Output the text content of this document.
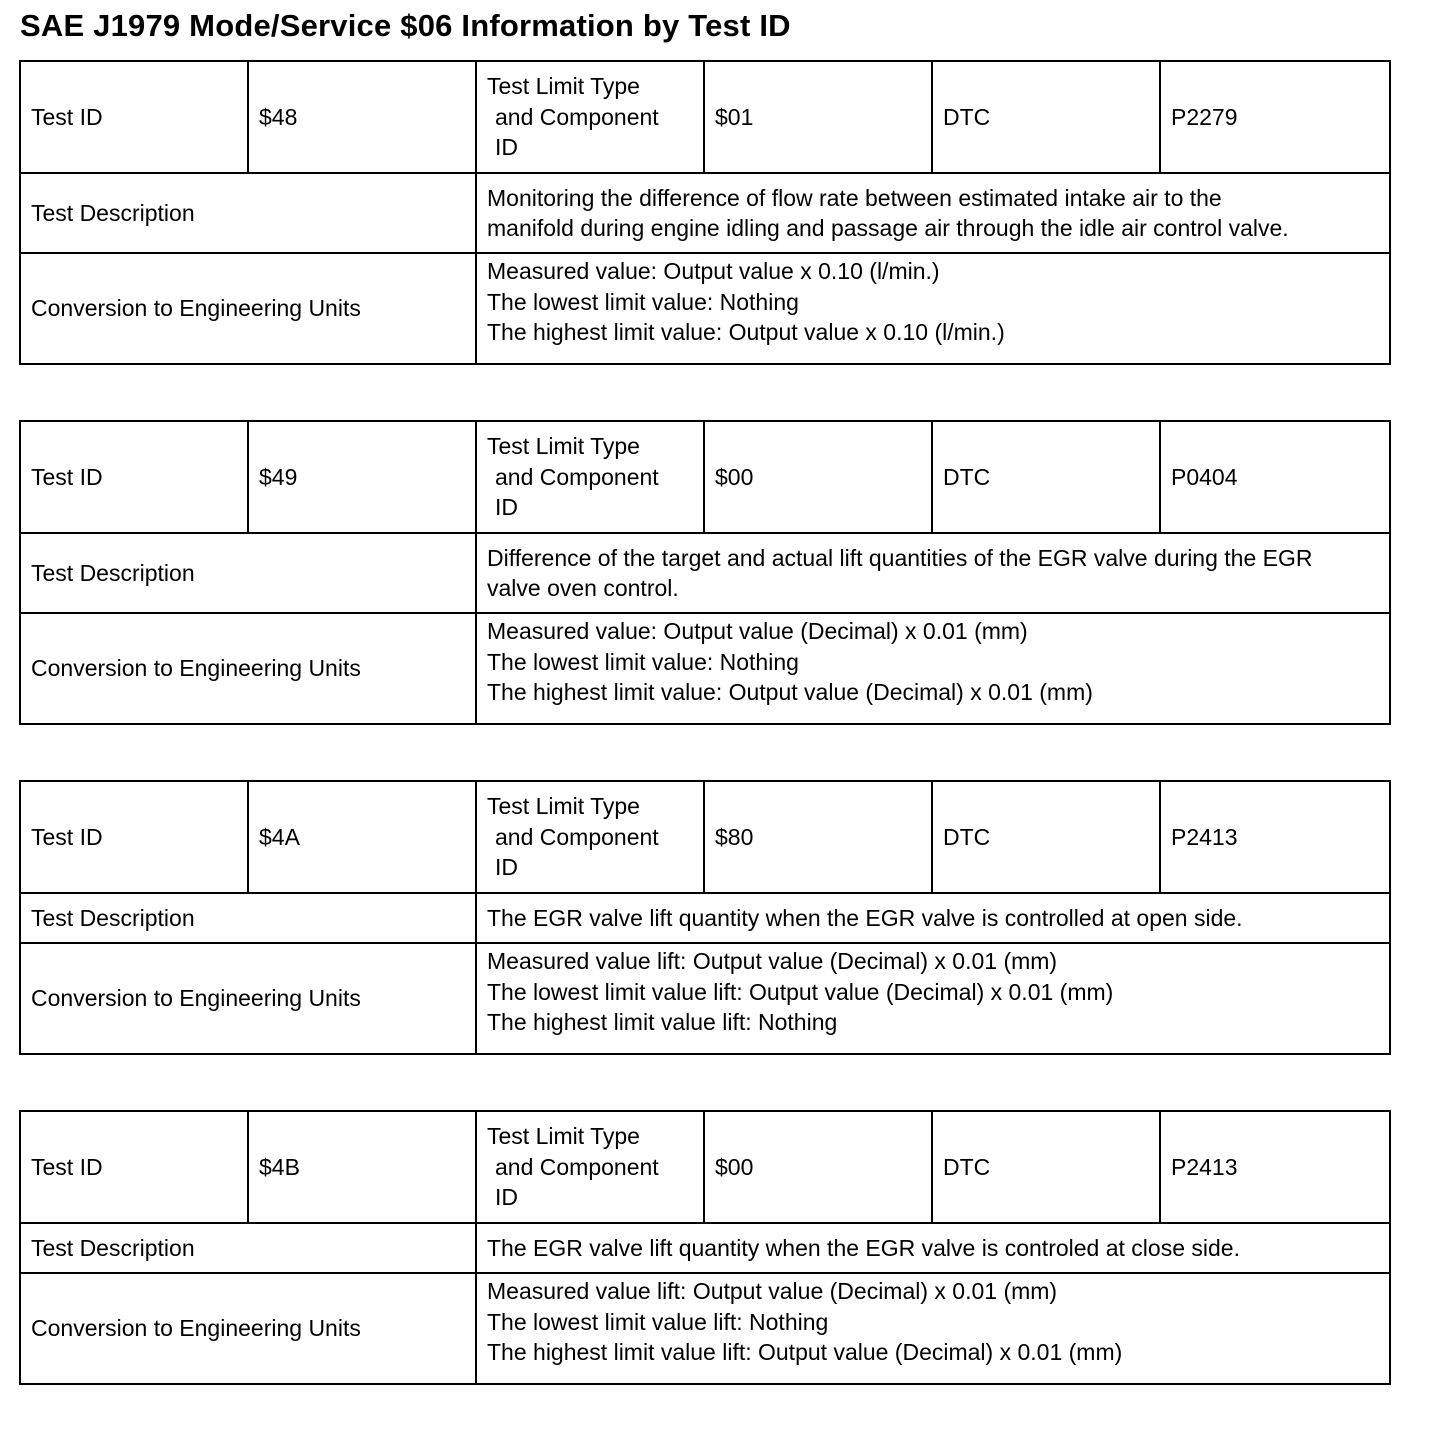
SAE J1979 Mode/Service $06 Information by Test ID
Test ID	$48	Test Limit Type
and Component
ID	$01	DTC	P2279
Test Description		Monitoring the difference of flow rate between estimated intake air to the
manifold during engine idling and passage air through the idle air control valve.			

Conversion to Engineering Units		Measured value: Output value x 0.10 (l/min.)
The lowest limit value: Nothing
The highest limit value: Output value x 0.10 (l/min.)			
Test ID	$49	Test Limit Type
and Component
ID	$00	DTC	P0404
Test Description		Difference of the target and actual lift quantities of the EGR valve during the EGR
valve oven control.			

Conversion to Engineering Units		Measured value: Output value (Decimal) x 0.01 (mm)
The lowest limit value: Nothing
The highest limit value: Output value (Decimal) x 0.01 (mm)			
Test ID	$4A	Test Limit Type
and Component
ID	$80	DTC	P2413
Test Description		The EGR valve lift quantity when the EGR valve is controlled at open side.			

Conversion to Engineering Units		Measured value lift: Output value (Decimal) x 0.01 (mm)
The lowest limit value lift: Output value (Decimal) x 0.01 (mm)
The highest limit value lift: Nothing			
Test ID	$4B	Test Limit Type
and Component
ID	$00	DTC	P2413
Test Description		The EGR valve lift quantity when the EGR valve is controled at close side.			

Conversion to Engineering Units		Measured value lift: Output value (Decimal) x 0.01 (mm)
The lowest limit value lift: Nothing
The highest limit value lift: Output value (Decimal) x 0.01 (mm)			
